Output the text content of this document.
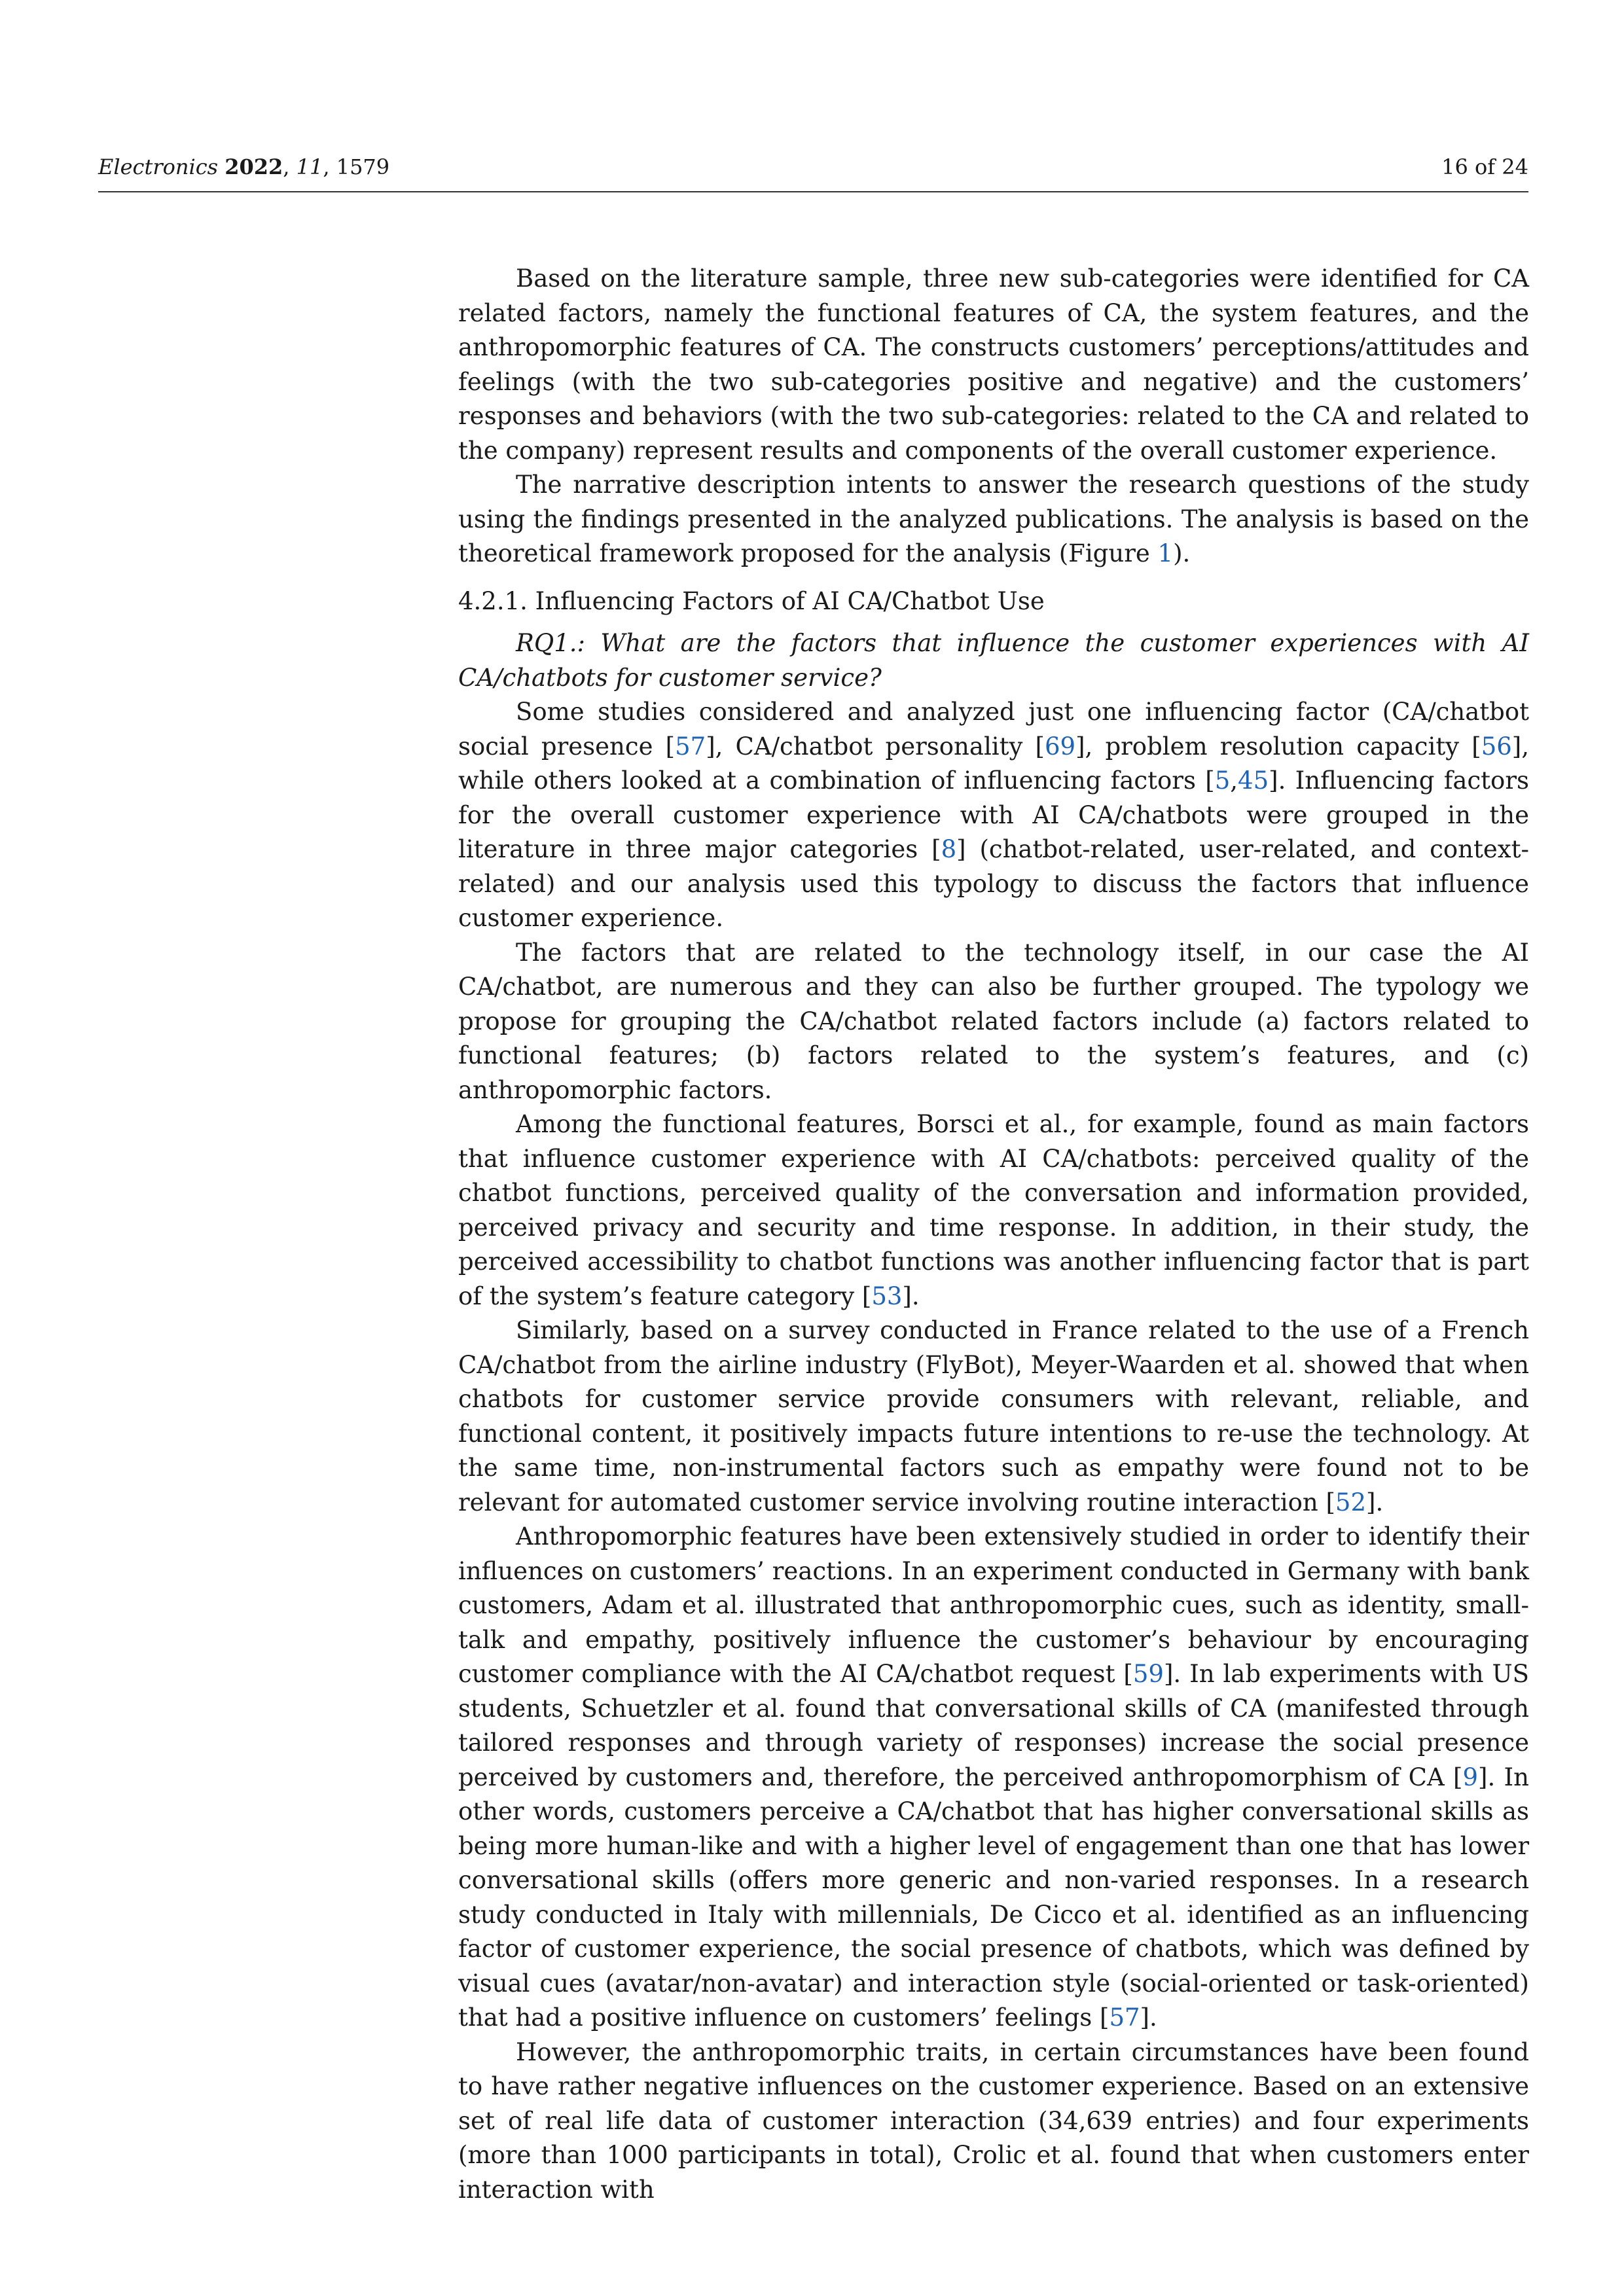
Electronics 2022, 11, 1579	16 of 24

Based on the literature sample, three new sub-categories were identified for CA related factors, namely the functional features of CA, the system features, and the anthropomorphic features of CA. The constructs customers’ perceptions/attitudes and feelings (with the two sub-categories positive and negative) and the customers’ responses and behaviors (with the two sub-categories: related to the CA and related to the company) represent results and components of the overall customer experience.

The narrative description intents to answer the research questions of the study using the findings presented in the analyzed publications. The analysis is based on the theoretical framework proposed for the analysis (Figure 1).

4.2.1. Influencing Factors of AI CA/Chatbot Use

RQ1.: What are the factors that influence the customer experiences with AI CA/chatbots for customer service?

Some studies considered and analyzed just one influencing factor (CA/chatbot social presence [57], CA/chatbot personality [69], problem resolution capacity [56], while others looked at a combination of influencing factors [5,45]. Influencing factors for the overall customer experience with AI CA/chatbots were grouped in the literature in three major categories [8] (chatbot-related, user-related, and context-related) and our analysis used this typology to discuss the factors that influence customer experience.

The factors that are related to the technology itself, in our case the AI CA/chatbot, are numerous and they can also be further grouped. The typology we propose for grouping the CA/chatbot related factors include (a) factors related to functional features; (b) factors related to the system’s features, and (c) anthropomorphic factors.

Among the functional features, Borsci et al., for example, found as main factors that influence customer experience with AI CA/chatbots: perceived quality of the chatbot functions, perceived quality of the conversation and information provided, perceived privacy and security and time response. In addition, in their study, the perceived accessibility to chatbot functions was another influencing factor that is part of the system’s feature category [53].

Similarly, based on a survey conducted in France related to the use of a French CA/chatbot from the airline industry (FlyBot), Meyer-Waarden et al. showed that when chatbots for customer service provide consumers with relevant, reliable, and functional content, it positively impacts future intentions to re-use the technology. At the same time, non-instrumental factors such as empathy were found not to be relevant for automated customer service involving routine interaction [52].

Anthropomorphic features have been extensively studied in order to identify their influences on customers’ reactions. In an experiment conducted in Germany with bank customers, Adam et al. illustrated that anthropomorphic cues, such as identity, small-talk and empathy, positively influence the customer’s behaviour by encouraging customer compliance with the AI CA/chatbot request [59]. In lab experiments with US students, Schuetzler et al. found that conversational skills of CA (manifested through tailored responses and through variety of responses) increase the social presence perceived by customers and, therefore, the perceived anthropomorphism of CA [9]. In other words, customers perceive a CA/chatbot that has higher conversational skills as being more human-like and with a higher level of engagement than one that has lower conversational skills (offers more generic and non-varied responses. In a research study conducted in Italy with millennials, De Cicco et al. identified as an influencing factor of customer experience, the social presence of chatbots, which was defined by visual cues (avatar/non-avatar) and interaction style (social-oriented or task-oriented) that had a positive influence on customers’ feelings [57].

However, the anthropomorphic traits, in certain circumstances have been found to have rather negative influences on the customer experience. Based on an extensive set of real life data of customer interaction (34,639 entries) and four experiments (more than 1000 participants in total), Crolic et al. found that when customers enter interaction with
